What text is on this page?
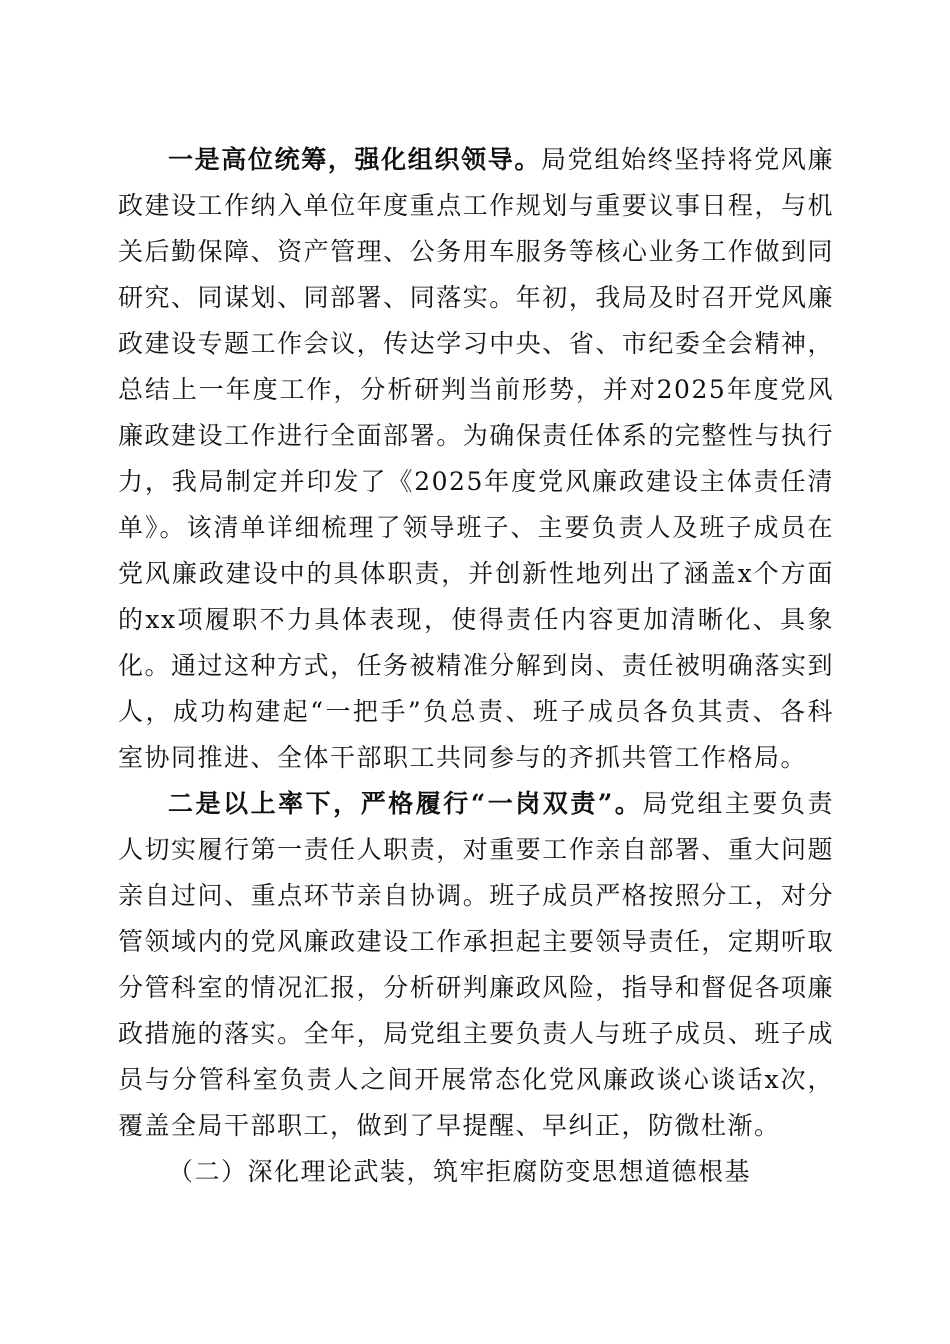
一是高位统筹，强化组织领导。局党组始终坚持将党风廉政建设工作纳入单位年度重点工作规划与重要议事日程，与机关后勤保障、资产管理、公务用车服务等核心业务工作做到同研究、同谋划、同部署、同落实。年初，我局及时召开党风廉政建设专题工作会议，传达学习中央、省、市纪委全会精神，总结上一年度工作，分析研判当前形势，并对2025年度党风廉政建设工作进行全面部署。为确保责任体系的完整性与执行力，我局制定并印发了《2025年度党风廉政建设主体责任清单》。该清单详细梳理了领导班子、主要负责人及班子成员在党风廉政建设中的具体职责，并创新性地列出了涵盖x个方面的xx项履职不力具体表现，使得责任内容更加清晰化、具象化。通过这种方式，任务被精准分解到岗、责任被明确落实到人，成功构建起“一把手”负总责、班子成员各负其责、各科室协同推进、全体干部职工共同参与的齐抓共管工作格局。

二是以上率下，严格履行“一岗双责”。局党组主要负责人切实履行第一责任人职责，对重要工作亲自部署、重大问题亲自过问、重点环节亲自协调。班子成员严格按照分工，对分管领域内的党风廉政建设工作承担起主要领导责任，定期听取分管科室的情况汇报，分析研判廉政风险，指导和督促各项廉政措施的落实。全年，局党组主要负责人与班子成员、班子成员与分管科室负责人之间开展常态化党风廉政谈心谈话x次，覆盖全局干部职工，做到了早提醒、早纠正，防微杜渐。

（二）深化理论武装，筑牢拒腐防变思想道德根基
